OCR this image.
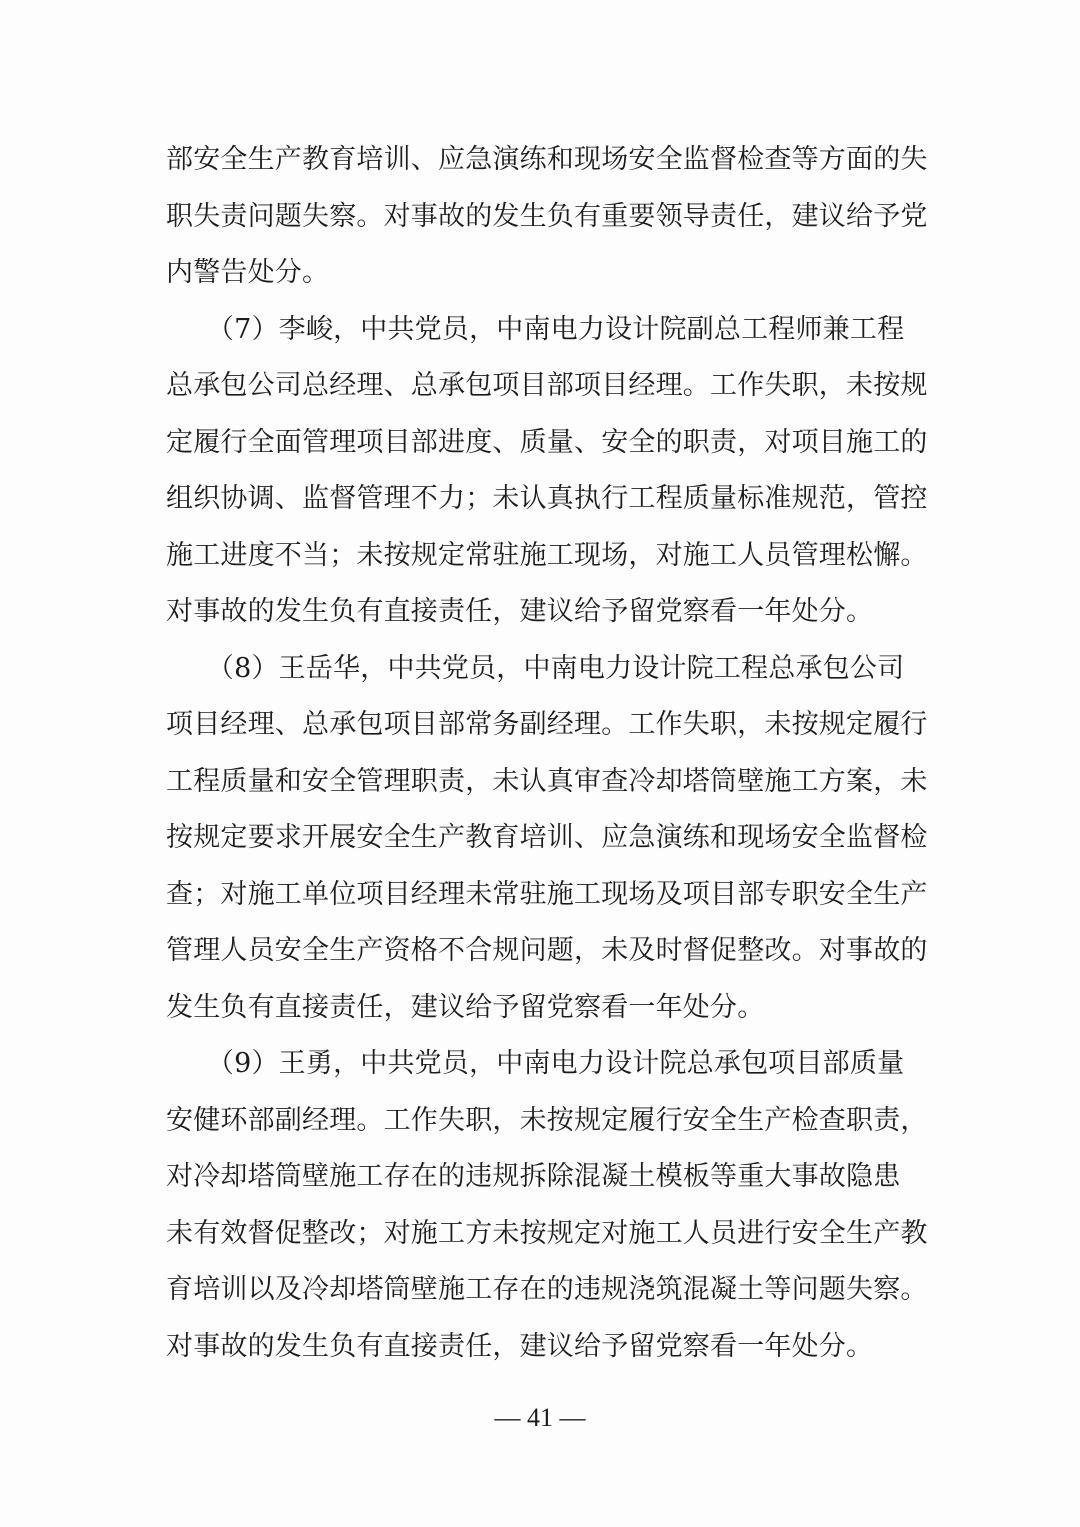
部安全生产教育培训、应急演练和现场安全监督检查等方面的失
职失责问题失察。对事故的发生负有重要领导责任，建议给予党
内警告处分。
　　（7）李峻，中共党员，中南电力设计院副总工程师兼工程
总承包公司总经理、总承包项目部项目经理。工作失职，未按规
定履行全面管理项目部进度、质量、安全的职责，对项目施工的
组织协调、监督管理不力；未认真执行工程质量标准规范，管控
施工进度不当；未按规定常驻施工现场，对施工人员管理松懈。
对事故的发生负有直接责任，建议给予留党察看一年处分。
　　（8）王岳华，中共党员，中南电力设计院工程总承包公司
项目经理、总承包项目部常务副经理。工作失职，未按规定履行
工程质量和安全管理职责，未认真审查冷却塔筒壁施工方案，未
按规定要求开展安全生产教育培训、应急演练和现场安全监督检
查；对施工单位项目经理未常驻施工现场及项目部专职安全生产
管理人员安全生产资格不合规问题，未及时督促整改。对事故的
发生负有直接责任，建议给予留党察看一年处分。
　　（9）王勇，中共党员，中南电力设计院总承包项目部质量
安健环部副经理。工作失职，未按规定履行安全生产检查职责，
对冷却塔筒壁施工存在的违规拆除混凝土模板等重大事故隐患
未有效督促整改；对施工方未按规定对施工人员进行安全生产教
育培训以及冷却塔筒壁施工存在的违规浇筑混凝土等问题失察。
对事故的发生负有直接责任，建议给予留党察看一年处分。
— 41 —
